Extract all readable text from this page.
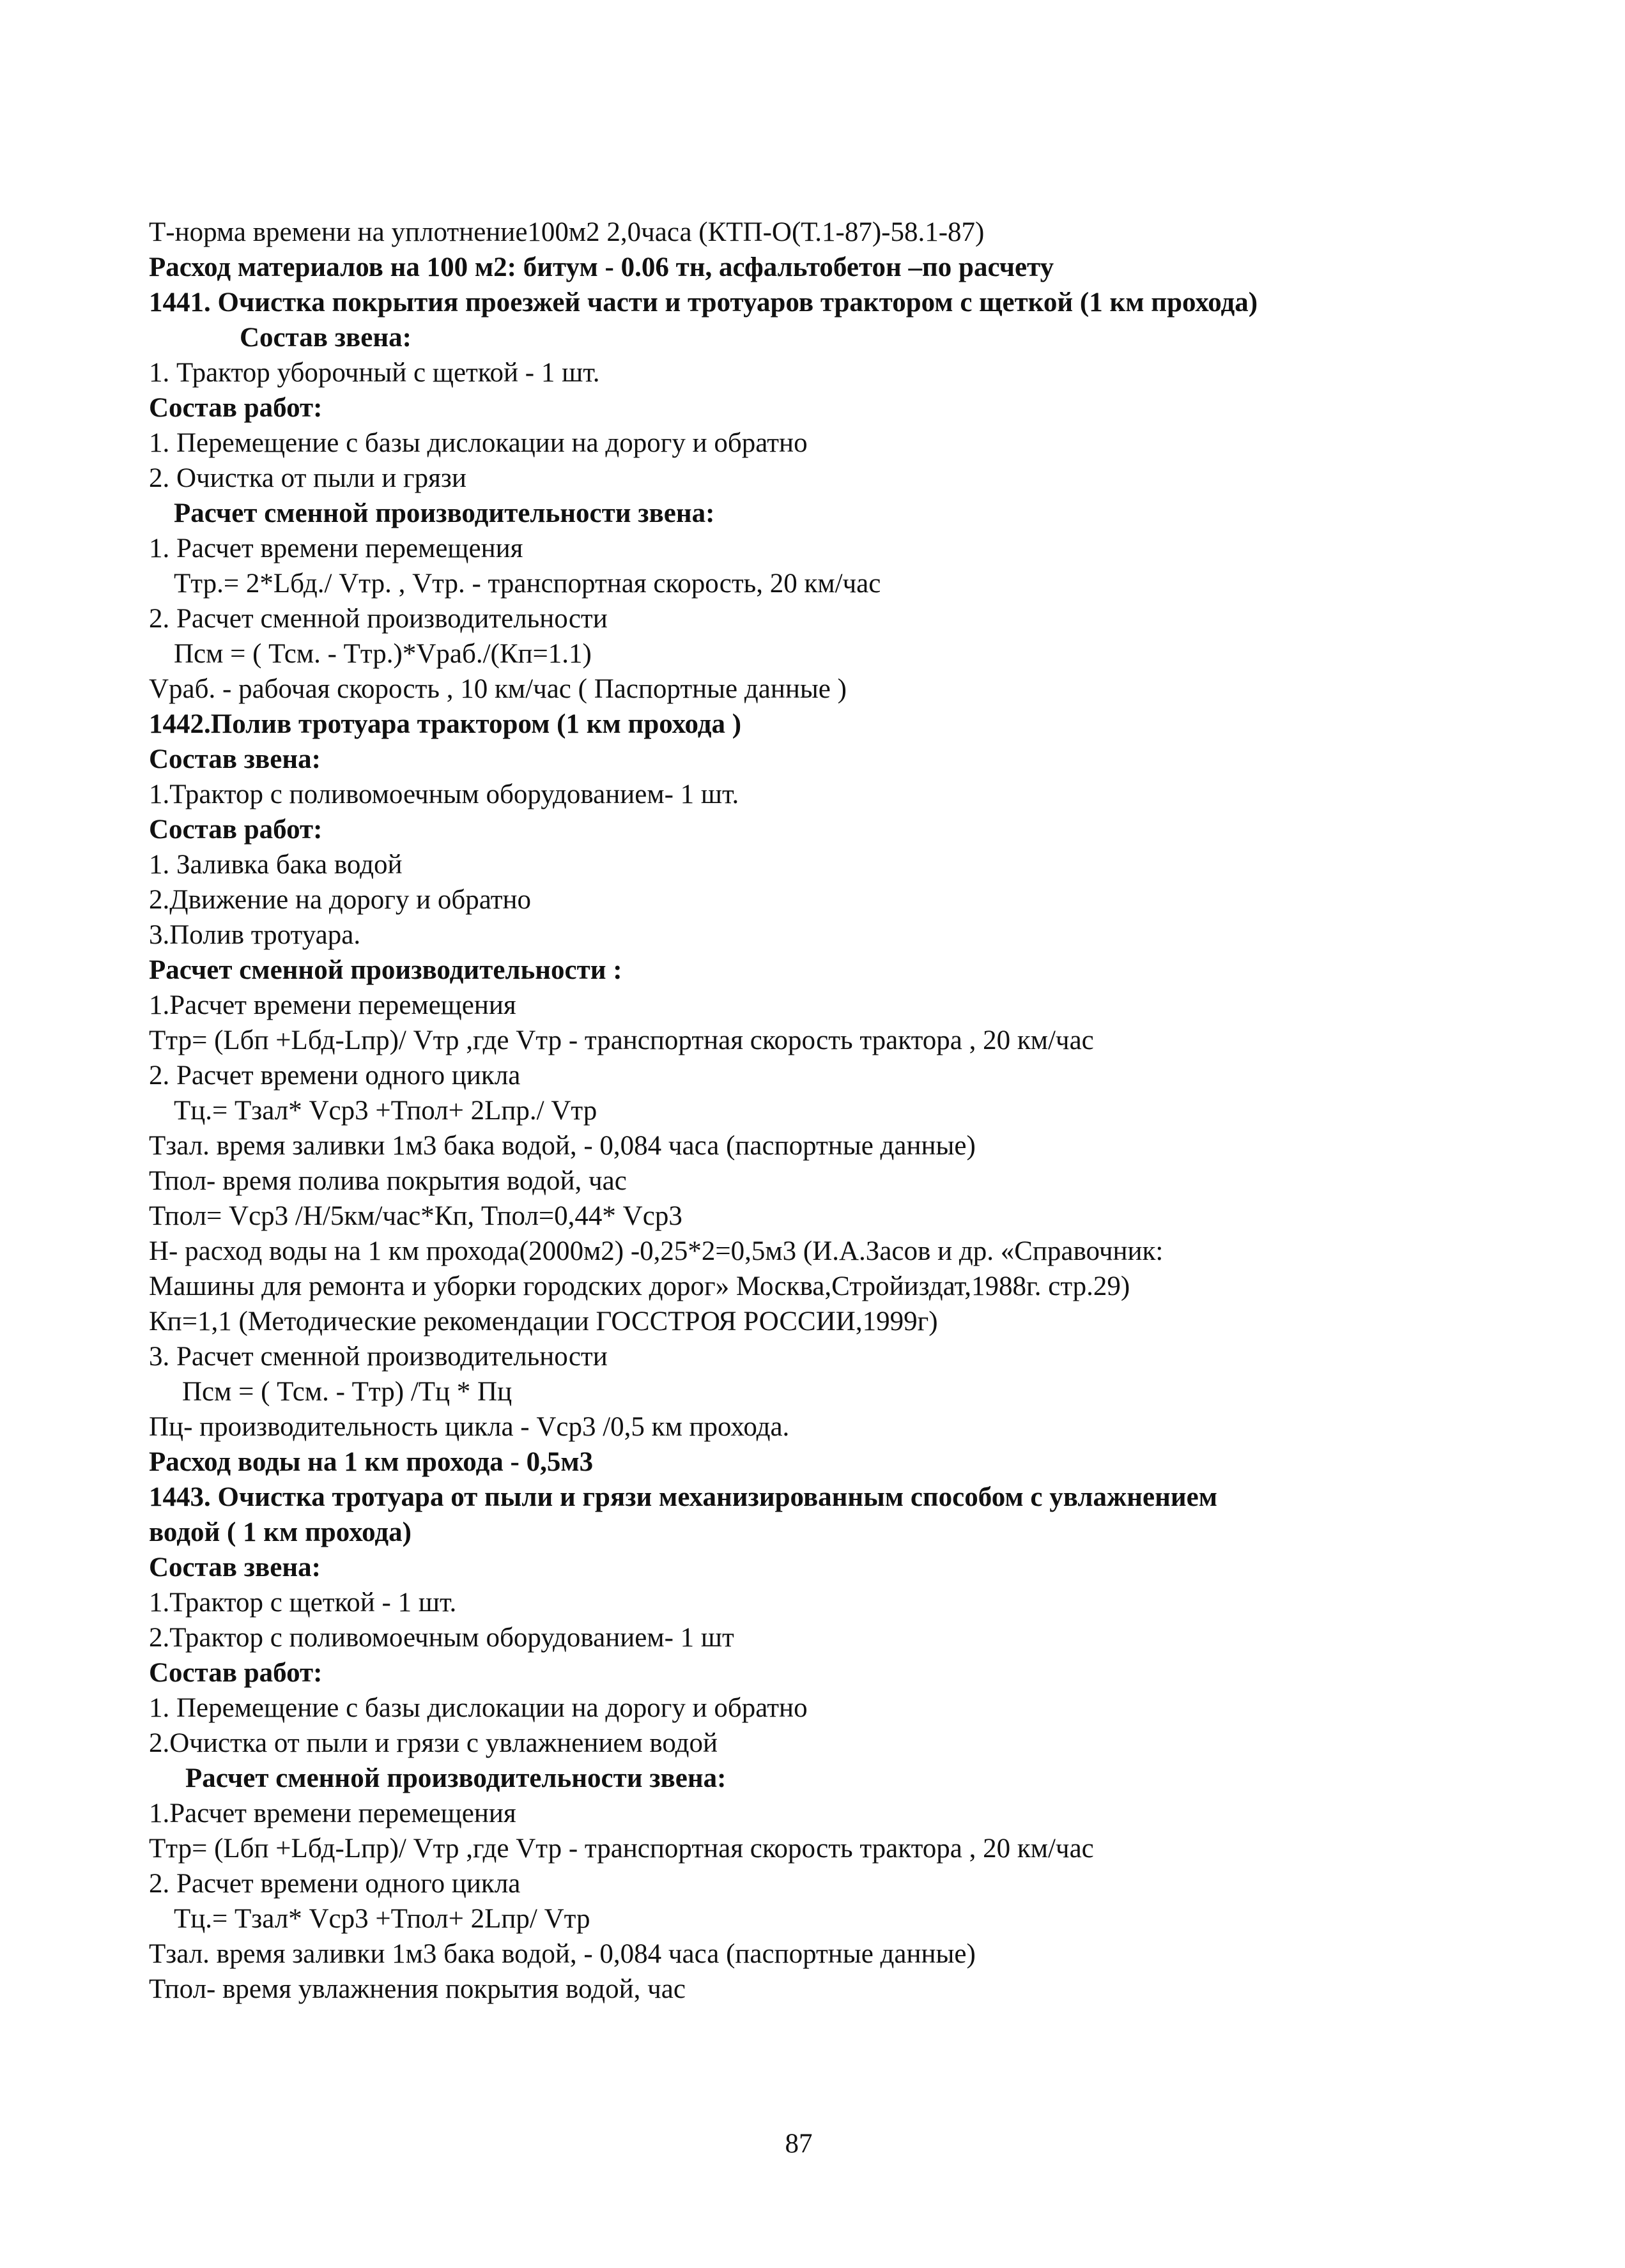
Т-норма времени на уплотнение100м2 2,0часа (КТП-О(Т.1-87)-58.1-87)
Расход материалов на 100 м2: битум - 0.06 тн, асфальтобетон –по расчету
1441. Очистка покрытия проезжей части и тротуаров трактором с щеткой (1 км прохода)
Состав звена:
1. Трактор уборочный с щеткой - 1 шт.
Состав работ:
1. Перемещение с базы дислокации на дорогу и обратно
2. Очистка от пыли и грязи
Расчет сменной производительности звена:
1. Расчет времени перемещения
Ттр.= 2*Lбд./ Vтр. , Vтр. - транспортная скорость, 20 км/час
2. Расчет сменной производительности
Псм = ( Тсм. - Ттр.)*Vраб./(Кп=1.1)
Vраб. - рабочая скорость , 10 км/час ( Паспортные данные )
1442.Полив тротуара трактором (1 км прохода )
Состав звена:
1.Трактор с поливомоечным оборудованием- 1 шт.
Состав работ:
1. Заливка бака водой
2.Движение на дорогу и обратно
3.Полив тротуара.
Расчет сменной производительности :
1.Расчет времени перемещения
Ттр= (Lбп +Lбд-Lпр)/ Vтр ,где Vтр - транспортная скорость трактора , 20 км/час
2. Расчет времени одного цикла
Тц.= Тзал* Vср3 +Тпол+ 2Lпр./ Vтр
Тзал. время заливки 1м3 бака водой, - 0,084 часа (паспортные данные)
Тпол- время полива покрытия водой, час
Тпол= Vср3 /Н/5км/час*Кп, Тпол=0,44* Vср3
Н- расход воды на 1 км прохода(2000м2) -0,25*2=0,5м3 (И.А.Засов и др. «Справочник:
Машины для ремонта и уборки городских дорог» Москва,Стройиздат,1988г. стр.29)
Кп=1,1 (Методические рекомендации ГОССТРОЯ РОССИИ,1999г)
3. Расчет сменной производительности
Псм = ( Тсм. - Ттр) /Тц * Пц
Пц- производительность цикла - Vср3 /0,5 км прохода.
Расход воды на 1 км прохода - 0,5м3
1443. Очистка тротуара от пыли и грязи механизированным способом с увлажнением
водой ( 1 км прохода)
Состав звена:
1.Трактор с щеткой - 1 шт.
2.Трактор с поливомоечным оборудованием- 1 шт
Состав работ:
1. Перемещение с базы дислокации на дорогу и обратно
2.Очистка от пыли и грязи с увлажнением водой
Расчет сменной производительности звена:
1.Расчет времени перемещения
Ттр= (Lбп +Lбд-Lпр)/ Vтр ,где Vтр - транспортная скорость трактора , 20 км/час
2. Расчет времени одного цикла
Тц.= Тзал* Vср3 +Тпол+ 2Lпр/ Vтр
Тзал. время заливки 1м3 бака водой, - 0,084 часа (паспортные данные)
Тпол- время увлажнения покрытия водой, час
87
